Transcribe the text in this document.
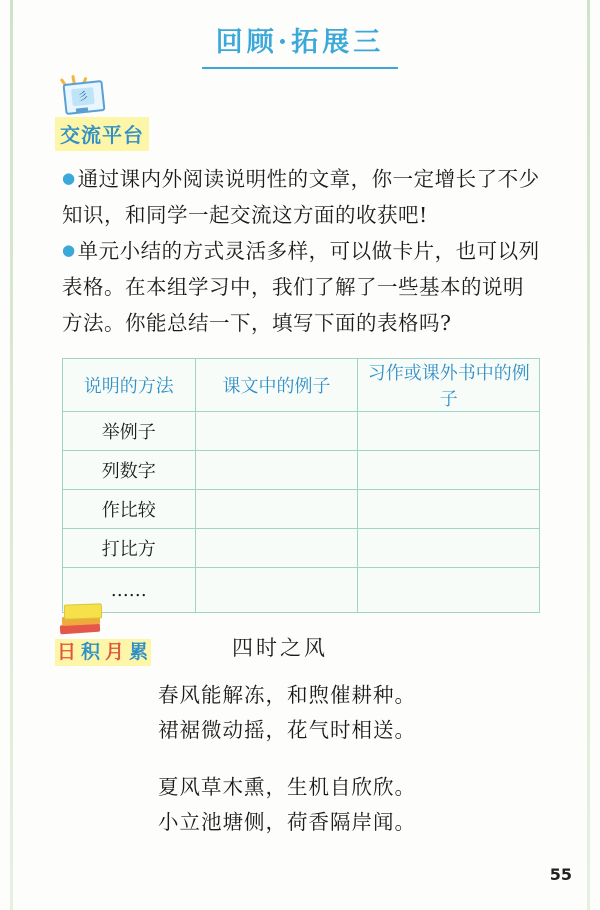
回顾·拓展三
彡
交流平台
●通过课内外阅读说明性的文章，你一定增长了不少知识，和同学一起交流这方面的收获吧!
●单元小结的方式灵活多样，可以做卡片，也可以列表格。在本组学习中，我们了解了一些基本的说明方法。你能总结一下，填写下面的表格吗?
说明的方法	课文中的例子	习作或课外书中的例子
举例子		
列数字		
作比较		
打比方		
……		
日 积 月 累	四时之风
春风能解冻，和煦催耕种。
裙裾微动摇，花气时相送。
夏风草木熏，生机自欣欣。
小立池塘侧，荷香隔岸闻。
55
